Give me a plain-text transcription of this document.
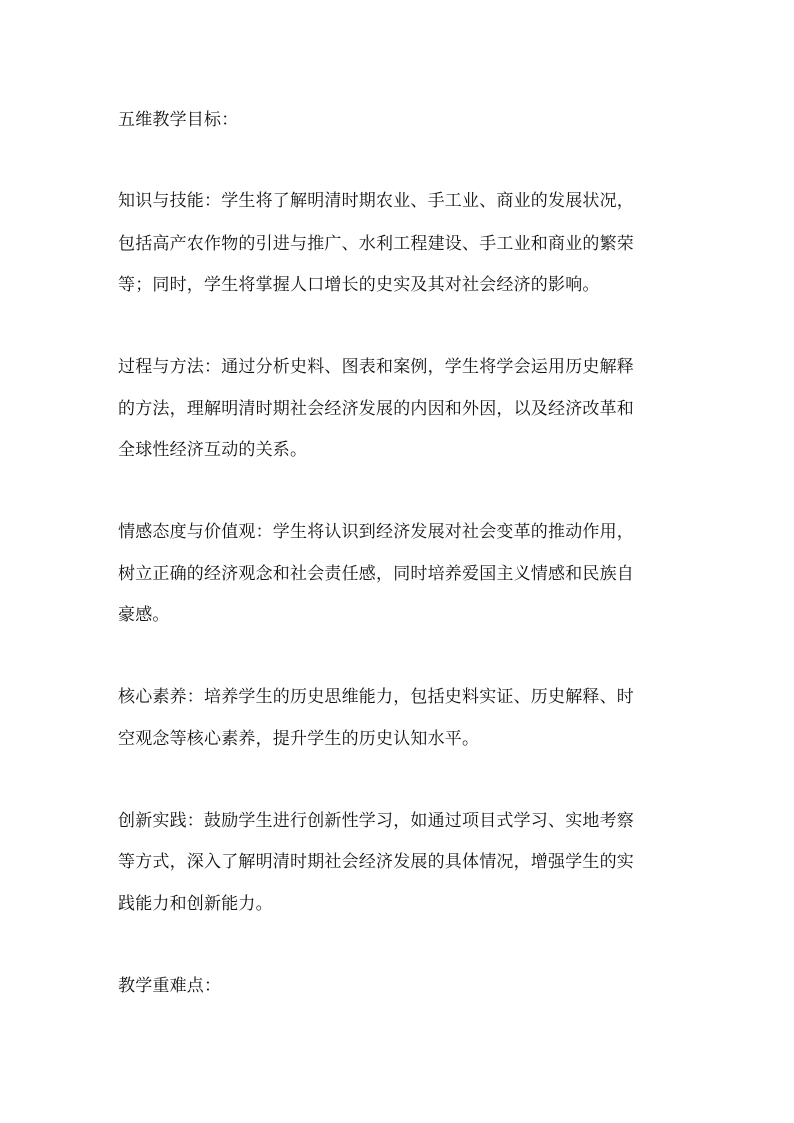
五维教学目标：

知识与技能：学生将了解明清时期农业、手工业、商业的发展状况，

包括高产农作物的引进与推广、水利工程建设、手工业和商业的繁荣

等；同时，学生将掌握人口增长的史实及其对社会经济的影响。

过程与方法：通过分析史料、图表和案例，学生将学会运用历史解释

的方法，理解明清时期社会经济发展的内因和外因，以及经济改革和

全球性经济互动的关系。

情感态度与价值观：学生将认识到经济发展对社会变革的推动作用，

树立正确的经济观念和社会责任感，同时培养爱国主义情感和民族自

豪感。

核心素养：培养学生的历史思维能力，包括史料实证、历史解释、时

空观念等核心素养，提升学生的历史认知水平。

创新实践：鼓励学生进行创新性学习，如通过项目式学习、实地考察

等方式，深入了解明清时期社会经济发展的具体情况，增强学生的实

践能力和创新能力。

教学重难点：
